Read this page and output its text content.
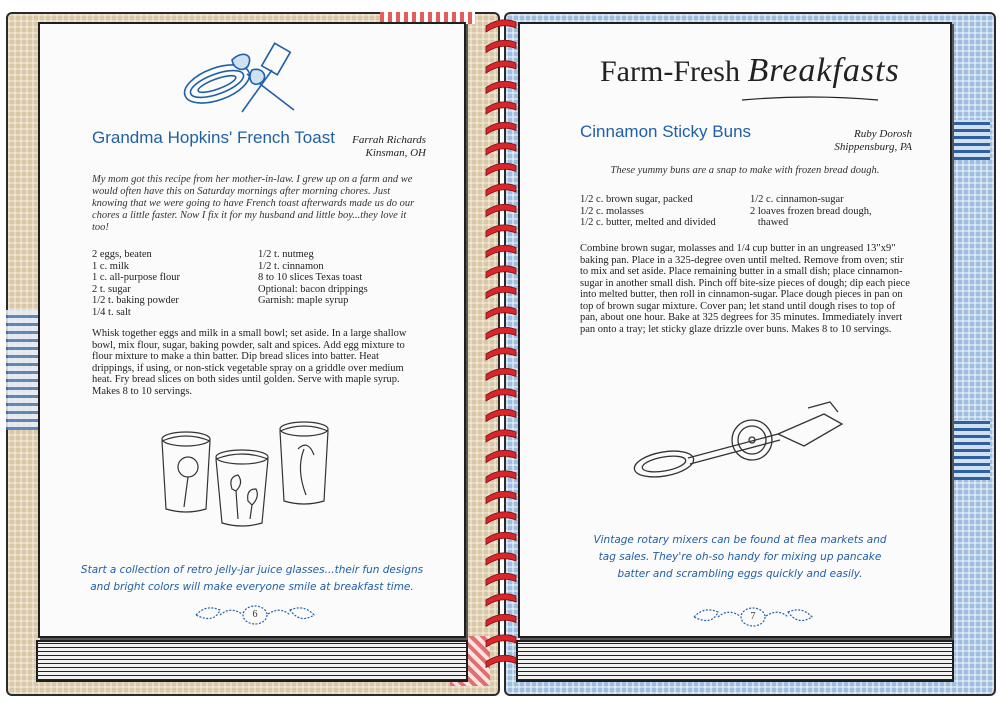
Grandma Hopkins' French Toast Farrah Richards
Kinsman, OH
My mom got this recipe from her mother-in-law. I grew up on a farm and we would often have this on Saturday mornings after morning chores. Just knowing that we were going to have French toast afterwards made us do our chores a little faster. Now I fix it for my husband and little boy...they love it too!
2 eggs, beaten
1 c. milk
1 c. all-purpose flour
2 t. sugar
1/2 t. baking powder
1/4 t. salt
1/2 t. nutmeg
1/2 t. cinnamon
8 to 10 slices Texas toast
Optional: bacon drippings
Garnish: maple syrup
Whisk together eggs and milk in a small bowl; set aside. In a large shallow bowl, mix flour, sugar, baking powder, salt and spices. Add egg mixture to flour mixture to make a thin batter. Dip bread slices into batter. Heat drippings, if using, or non-stick vegetable spray on a griddle over medium heat. Fry bread slices on both sides until golden. Serve with maple syrup. Makes 8 to 10 servings.
Start a collection of retro jelly-jar juice glasses...their fun designs and bright colors will make everyone smile at breakfast time.
6
Farm-Fresh Breakfasts
Cinnamon Sticky Buns	Ruby Dorosh
Shippensburg, PA
These yummy buns are a snap to make with frozen bread dough.
1/2 c. brown sugar, packed
1/2 c. molasses
1/2 c. butter, melted and divided
1/2 c. cinnamon-sugar
2 loaves frozen bread dough,
thawed
Combine brown sugar, molasses and 1/4 cup butter in an ungreased 13"x9" baking pan. Place in a 325-degree oven until melted. Remove from oven; stir to mix and set aside. Place remaining butter in a small dish; place cinnamon-sugar in another small dish. Pinch off bite-size pieces of dough; dip each piece into melted butter, then roll in cinnamon-sugar. Place dough pieces in pan on top of brown sugar mixture. Cover pan; let stand until dough rises to top of pan, about one hour. Bake at 325 degrees for 35 minutes. Immediately invert pan onto a tray; let sticky glaze drizzle over buns. Makes 8 to 10 servings.
Vintage rotary mixers can be found at flea markets and tag sales. They're oh-so handy for mixing up pancake batter and scrambling eggs quickly and easily.
7
